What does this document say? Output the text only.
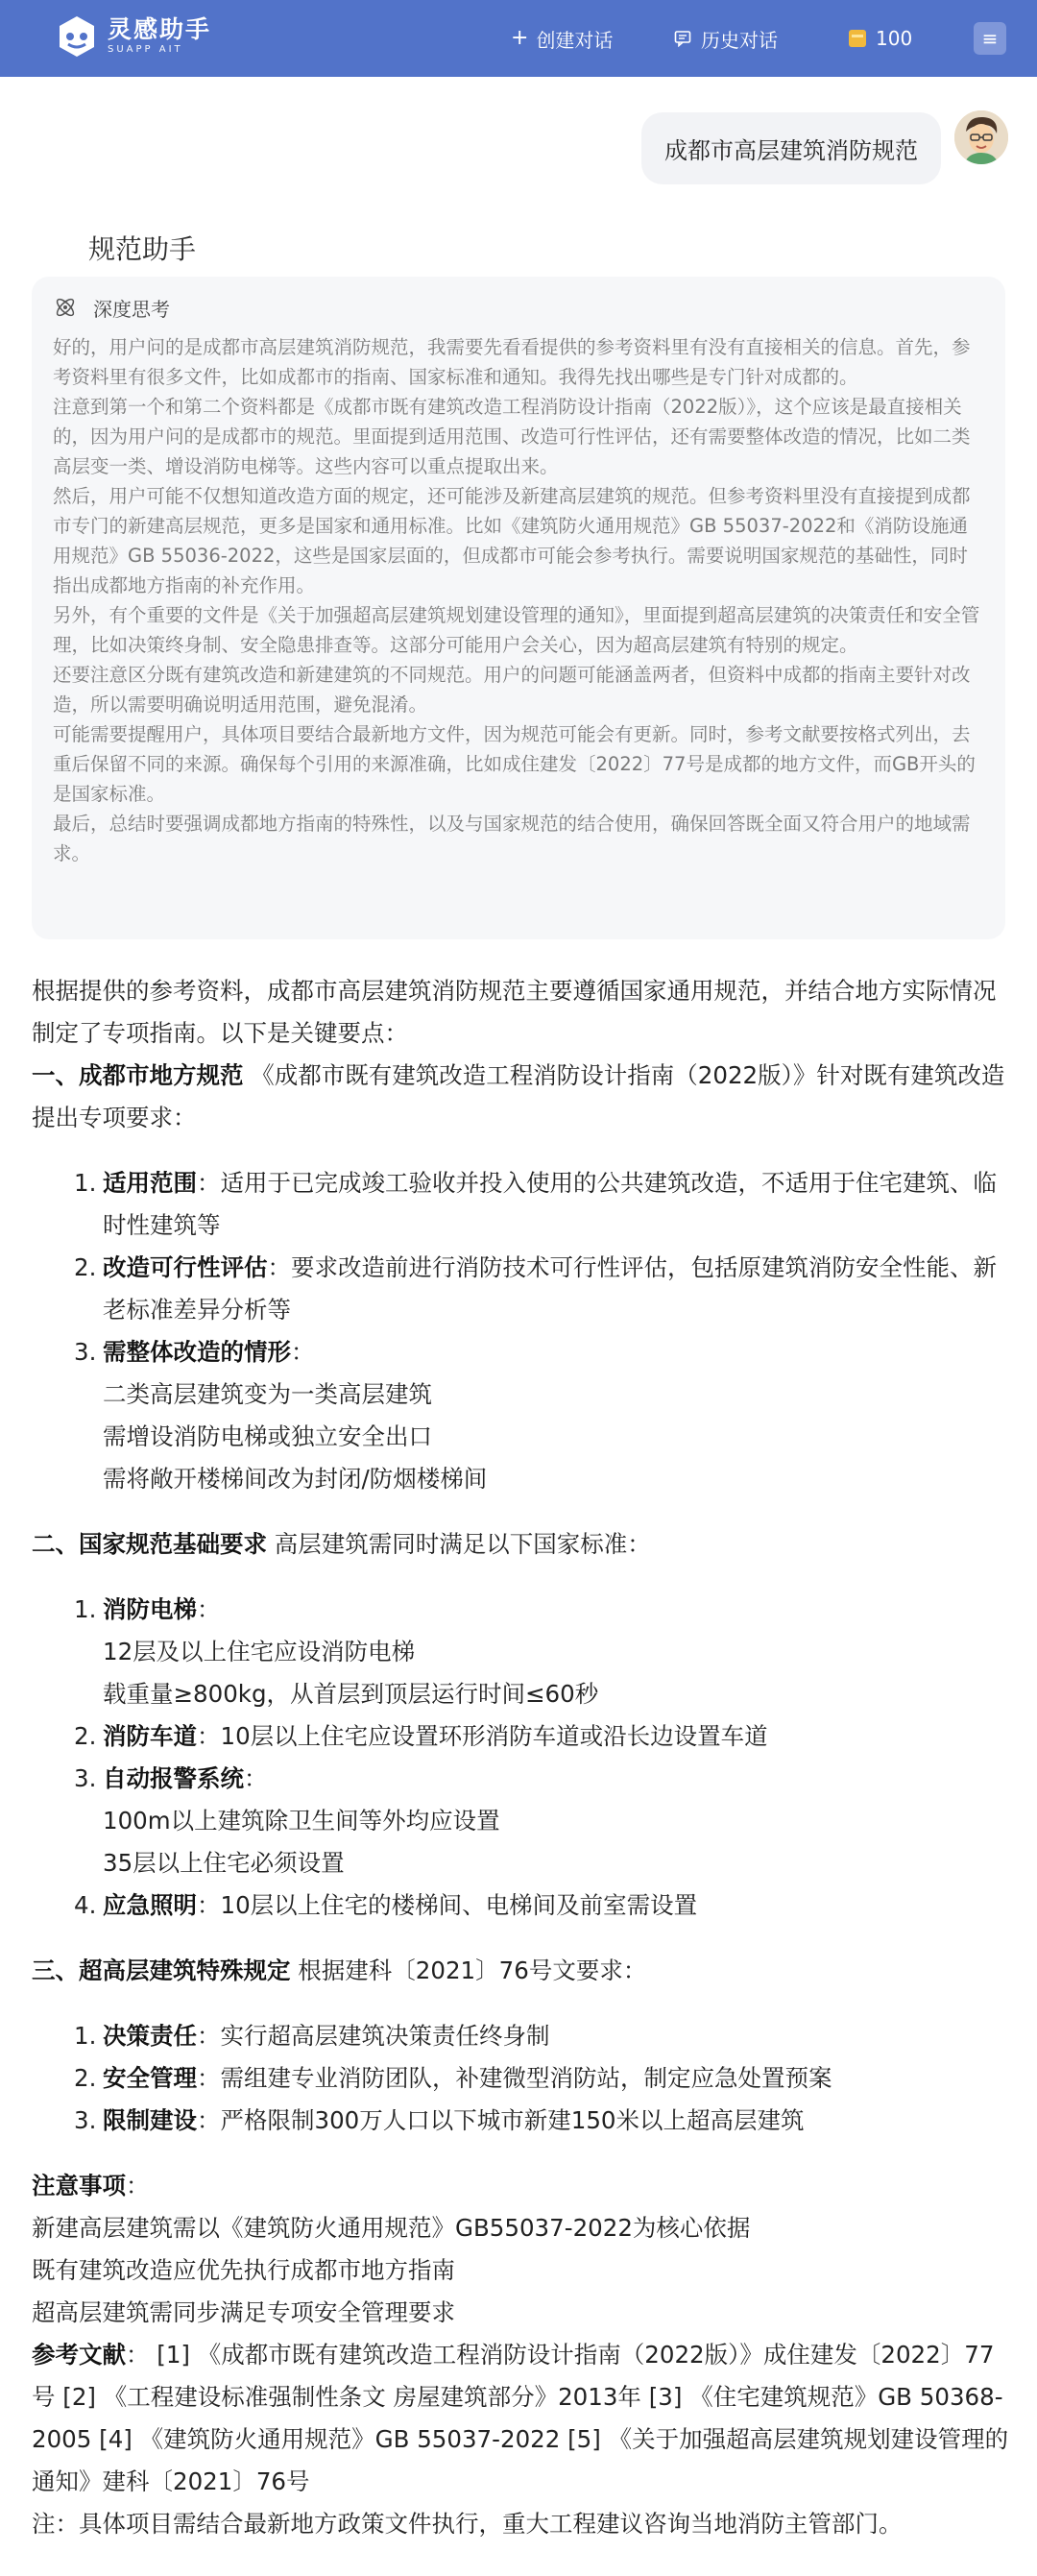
灵感助手
SUAPP AIT	+ 创建对话	历史对话	100	≡
成都市高层建筑消防规范
规范助手
深度思考

好的，用户问的是成都市高层建筑消防规范，我需要先看看提供的参考资料里有没有直接相关的信息。首先，参考资料里有很多文件，比如成都市的指南、国家标准和通知。我得先找出哪些是专门针对成都的。

注意到第一个和第二个资料都是《成都市既有建筑改造工程消防设计指南（2022版）》，这个应该是最直接相关的，因为用户问的是成都市的规范。里面提到适用范围、改造可行性评估，还有需要整体改造的情况，比如二类高层变一类、增设消防电梯等。这些内容可以重点提取出来。

然后，用户可能不仅想知道改造方面的规定，还可能涉及新建高层建筑的规范。但参考资料里没有直接提到成都市专门的新建高层规范，更多是国家和通用标准。比如《建筑防火通用规范》GB 55037-2022和《消防设施通用规范》GB 55036-2022，这些是国家层面的，但成都市可能会参考执行。需要说明国家规范的基础性，同时指出成都地方指南的补充作用。

另外，有个重要的文件是《关于加强超高层建筑规划建设管理的通知》，里面提到超高层建筑的决策责任和安全管理，比如决策终身制、安全隐患排查等。这部分可能用户会关心，因为超高层建筑有特别的规定。

还要注意区分既有建筑改造和新建建筑的不同规范。用户的问题可能涵盖两者，但资料中成都的指南主要针对改造，所以需要明确说明适用范围，避免混淆。

可能需要提醒用户，具体项目要结合最新地方文件，因为规范可能会有更新。同时，参考文献要按格式列出，去重后保留不同的来源。确保每个引用的来源准确，比如成住建发〔2022〕77号是成都的地方文件，而GB开头的是国家标准。

最后，总结时要强调成都地方指南的特殊性，以及与国家规范的结合使用，确保回答既全面又符合用户的地域需求。

根据提供的参考资料，成都市高层建筑消防规范主要遵循国家通用规范，并结合地方实际情况制定了专项指南。以下是关键要点：

一、成都市地方规范 《成都市既有建筑改造工程消防设计指南（2022版）》针对既有建筑改造提出专项要求：

1. 适用范围：适用于已完成竣工验收并投入使用的公共建筑改造，不适用于住宅建筑、临时性建筑等
2. 改造可行性评估：要求改造前进行消防技术可行性评估，包括原建筑消防安全性能、新老标准差异分析等
3. 需整体改造的情形：
二类高层建筑变为一类高层建筑
需增设消防电梯或独立安全出口
需将敞开楼梯间改为封闭/防烟楼梯间

二、国家规范基础要求 高层建筑需同时满足以下国家标准：

1. 消防电梯：
12层及以上住宅应设消防电梯
载重量≥800kg，从首层到顶层运行时间≤60秒
2. 消防车道：10层以上住宅应设置环形消防车道或沿长边设置车道
3. 自动报警系统：
100m以上建筑除卫生间等外均应设置
35层以上住宅必须设置
4. 应急照明：10层以上住宅的楼梯间、电梯间及前室需设置

三、超高层建筑特殊规定 根据建科〔2021〕76号文要求：

1. 决策责任：实行超高层建筑决策责任终身制
2. 安全管理：需组建专业消防团队，补建微型消防站，制定应急处置预案
3. 限制建设：严格限制300万人口以下城市新建150米以上超高层建筑

注意事项：

新建高层建筑需以《建筑防火通用规范》GB55037-2022为核心依据

既有建筑改造应优先执行成都市地方指南

超高层建筑需同步满足专项安全管理要求

参考文献： [1] 《成都市既有建筑改造工程消防设计指南（2022版）》成住建发〔2022〕77号 [2] 《工程建设标准强制性条文 房屋建筑部分》2013年 [3] 《住宅建筑规范》GB 50368-2005 [4] 《建筑防火通用规范》GB 55037-2022 [5] 《关于加强超高层建筑规划建设管理的通知》建科〔2021〕76号

注：具体项目需结合最新地方政策文件执行，重大工程建议咨询当地消防主管部门。
